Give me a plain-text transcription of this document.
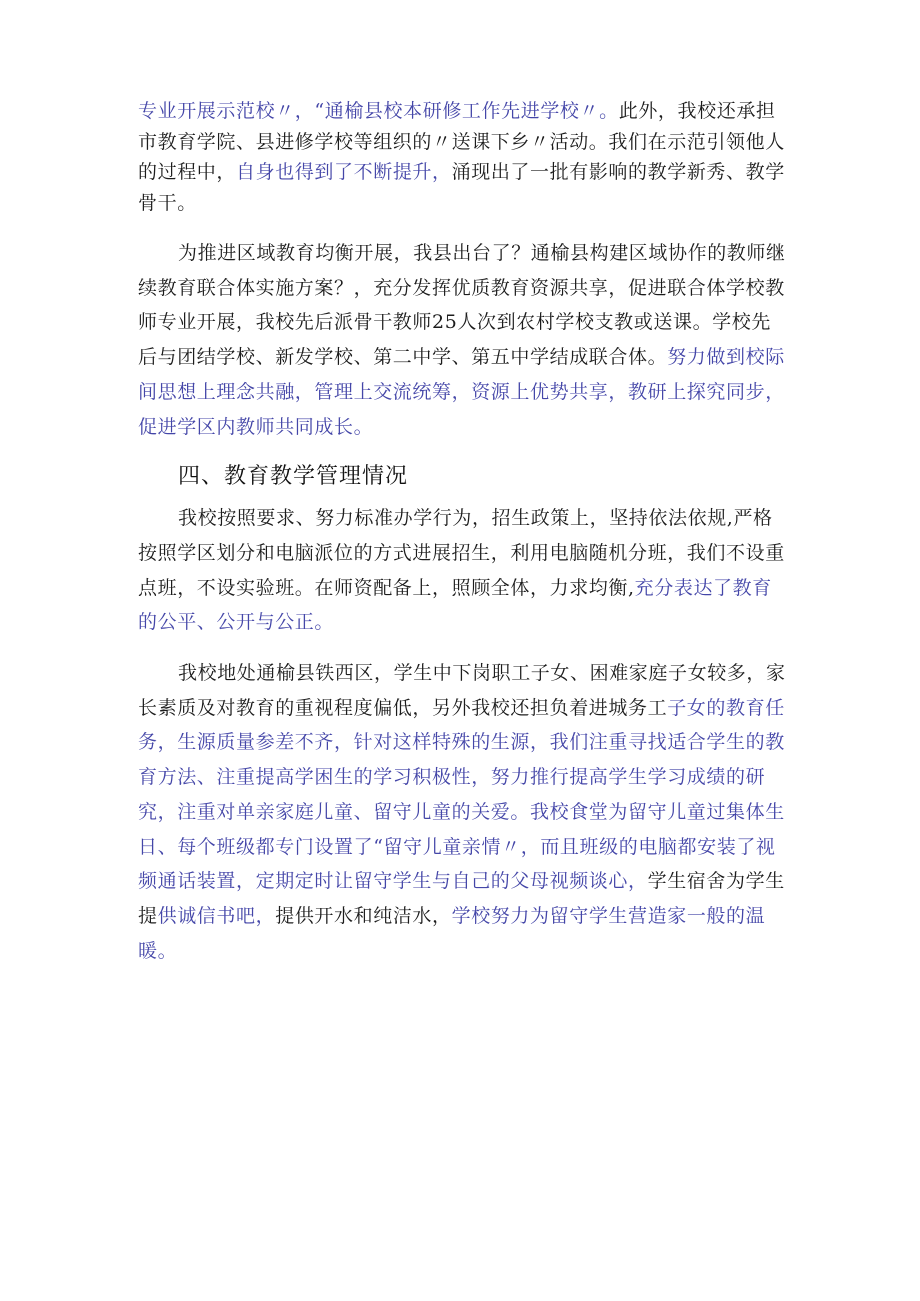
专业开展示范校〃，“通榆县校本研修工作先进学校〃。此外，我校还承担市教育学院、县进修学校等组织的〃送课下乡〃活动。我们在示范引领他人的过程中，自身也得到了不断提升，涌现出了一批有影响的教学新秀、教学骨干。

为推进区域教育均衡开展，我县出台了？通榆县构建区域协作的教师继续教育联合体实施方案？，充分发挥优质教育资源共享，促进联合体学校教师专业开展，我校先后派骨干教师25人次到农村学校支教或送课。学校先后与团结学校、新发学校、第二中学、第五中学结成联合体。努力做到校际间思想上理念共融，管理上交流统筹，资源上优势共享，教研上探究同步，促进学区内教师共同成长。

四、教育教学管理情况

我校按照要求、努力标准办学行为，招生政策上，坚持依法依规,严格按照学区划分和电脑派位的方式进展招生，利用电脑随机分班，我们不设重点班，不设实验班。在师资配备上，照顾全体，力求均衡,充分表达了教育的公平、公开与公正。

我校地处通榆县铁西区，学生中下岗职工子女、困难家庭子女较多，家长素质及对教育的重视程度偏低，另外我校还担负着进城务工子女的教育任务，生源质量参差不齐，针对这样特殊的生源，我们注重寻找适合学生的教育方法、注重提高学困生的学习积极性，努力推行提高学生学习成绩的研究，注重对单亲家庭儿童、留守儿童的关爱。我校食堂为留守儿童过集体生日、每个班级都专门设置了“留守儿童亲情〃，而且班级的电脑都安装了视频通话装置，定期定时让留守学生与自己的父母视频谈心，学生宿舍为学生提供诚信书吧，提供开水和纯洁水，学校努力为留守学生营造家一般的温暖。
